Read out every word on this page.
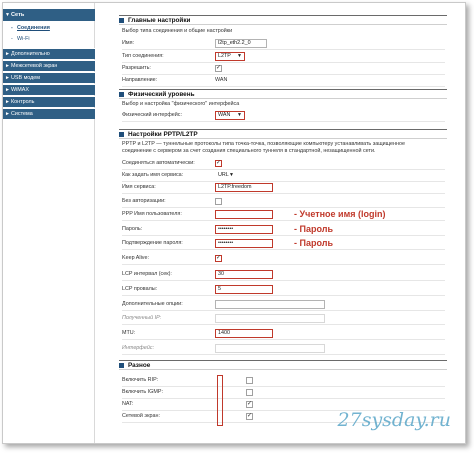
▼ Сеть
- Соединения
- Wi-Fi
► Дополнительно
► Межсетевой экран
► USB модем
► WiMAX
► Контроль
► Система
Главные настройки
Выбор типа соединения и общие настройки
Имя:	l2tp_eth2.2_0
Тип соединения:	L2TP ▼
Разрешить:	✓
Направление:	WAN
Физический уровень
Выбор и настройка "физического" интерфейса
Физический интерфейс:	WAN ▼
Настройки PPTP/L2TP
PPTP и L2TP — туннельные протоколы типа точка-точка, позволяющие компьютеру устанавливать защищенное соединение с сервером за счет создания специального туннеля в стандартной, незащищенной сети.
Соединяться автоматически:	✓
Как задать имя сервиса:	URL ▼
Имя сервиса:	L2TP.freedom
Без авторизации:
PPP Имя пользователя:
Пароль:	••••••••
Подтверждение пароля:	••••••••
Keep Alive:	✓
LCP интервал (сек):	30
LCP провалы:	5
Дополнительные опции:
Полученный IP:
MTU:	1400
Интерфейс:
Разное
Включить RIP:
Включить IGMP:
NAT:	✓
Сетевой экран:	✓
- Учетное имя (login)
- Пароль
- Пароль
27sysday.ru
